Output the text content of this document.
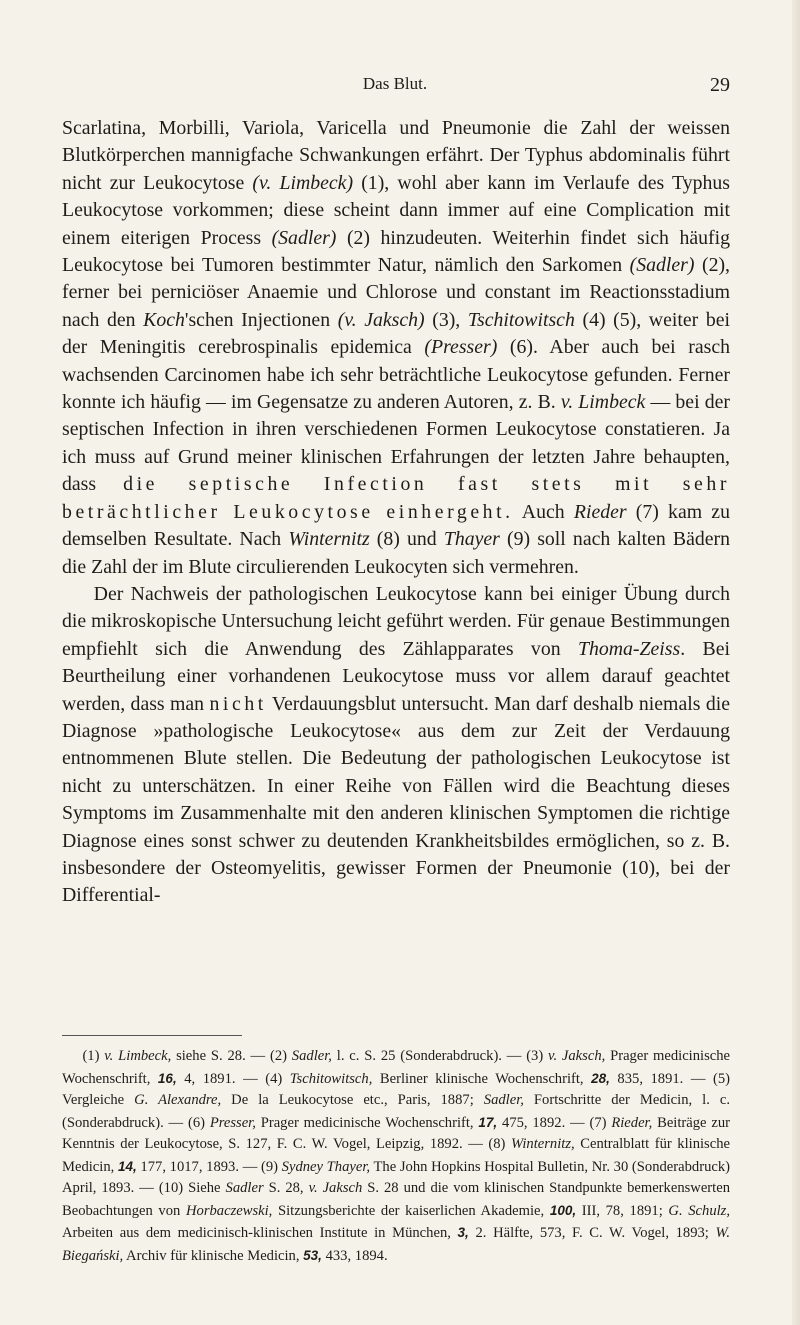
Das Blut.	29

Scarlatina, Morbilli, Variola, Varicella und Pneumonie die Zahl der weissen Blutkörperchen mannigfache Schwankungen erfährt. Der Typhus abdominalis führt nicht zur Leukocytose (v. Limbeck) (1), wohl aber kann im Verlaufe des Typhus Leukocytose vorkommen; diese scheint dann immer auf eine Complication mit einem eiterigen Process (Sadler) (2) hinzudeuten. Weiterhin findet sich häufig Leukocytose bei Tumoren bestimmter Natur, nämlich den Sarkomen (Sadler) (2), ferner bei perniciöser Anaemie und Chlorose und constant im Reactionsstadium nach den Koch'schen Injectionen (v. Jaksch) (3), Tschitowitsch (4) (5), weiter bei der Meningitis cerebrospinalis epidemica (Presser) (6). Aber auch bei rasch wachsenden Carcinomen habe ich sehr beträchtliche Leukocytose gefunden. Ferner konnte ich häufig — im Gegensatze zu anderen Autoren, z. B. v. Limbeck — bei der septischen Infection in ihren verschiedenen Formen Leukocytose constatieren. Ja ich muss auf Grund meiner klinischen Erfahrungen der letzten Jahre behaupten, dass die septische Infection fast stets mit sehr beträchtlicher Leukocytose einhergeht. Auch Rieder (7) kam zu demselben Resultate. Nach Winternitz (8) und Thayer (9) soll nach kalten Bädern die Zahl der im Blute circulierenden Leukocyten sich vermehren.

Der Nachweis der pathologischen Leukocytose kann bei einiger Übung durch die mikroskopische Untersuchung leicht geführt werden. Für genaue Bestimmungen empfiehlt sich die Anwendung des Zählapparates von Thoma-Zeiss. Bei Beurtheilung einer vorhandenen Leukocytose muss vor allem darauf geachtet werden, dass man nicht Verdauungsblut untersucht. Man darf deshalb niemals die Diagnose »pathologische Leukocytose« aus dem zur Zeit der Verdauung entnommenen Blute stellen. Die Bedeutung der pathologischen Leukocytose ist nicht zu unterschätzen. In einer Reihe von Fällen wird die Beachtung dieses Symptoms im Zusammenhalte mit den anderen klinischen Symptomen die richtige Diagnose eines sonst schwer zu deutenden Krankheitsbildes ermöglichen, so z. B. insbesondere der Osteomyelitis, gewisser Formen der Pneumonie (10), bei der Differential-

(1) v. Limbeck, siehe S. 28. — (2) Sadler, l. c. S. 25 (Sonderabdruck). — (3) v. Jaksch, Prager medicinische Wochenschrift, 16, 4, 1891. — (4) Tschitowitsch, Berliner klinische Wochenschrift, 28, 835, 1891. — (5) Vergleiche G. Alexandre, De la Leukocytose etc., Paris, 1887; Sadler, Fortschritte der Medicin, l. c. (Sonderabdruck). — (6) Presser, Prager medicinische Wochenschrift, 17, 475, 1892. — (7) Rieder, Beiträge zur Kenntnis der Leukocytose, S. 127, F. C. W. Vogel, Leipzig, 1892. — (8) Winternitz, Centralblatt für klinische Medicin, 14, 177, 1017, 1893. — (9) Sydney Thayer, The John Hopkins Hospital Bulletin, Nr. 30 (Sonderabdruck) April, 1893. — (10) Siehe Sadler S. 28, v. Jaksch S. 28 und die vom klinischen Standpunkte bemerkenswerten Beobachtungen von Horbaczewski, Sitzungsberichte der kaiserlichen Akademie, 100, III, 78, 1891; G. Schulz, Arbeiten aus dem medicinisch-klinischen Institute in München, 3, 2. Hälfte, 573, F. C. W. Vogel, 1893; W. Biegański, Archiv für klinische Medicin, 53, 433, 1894.
